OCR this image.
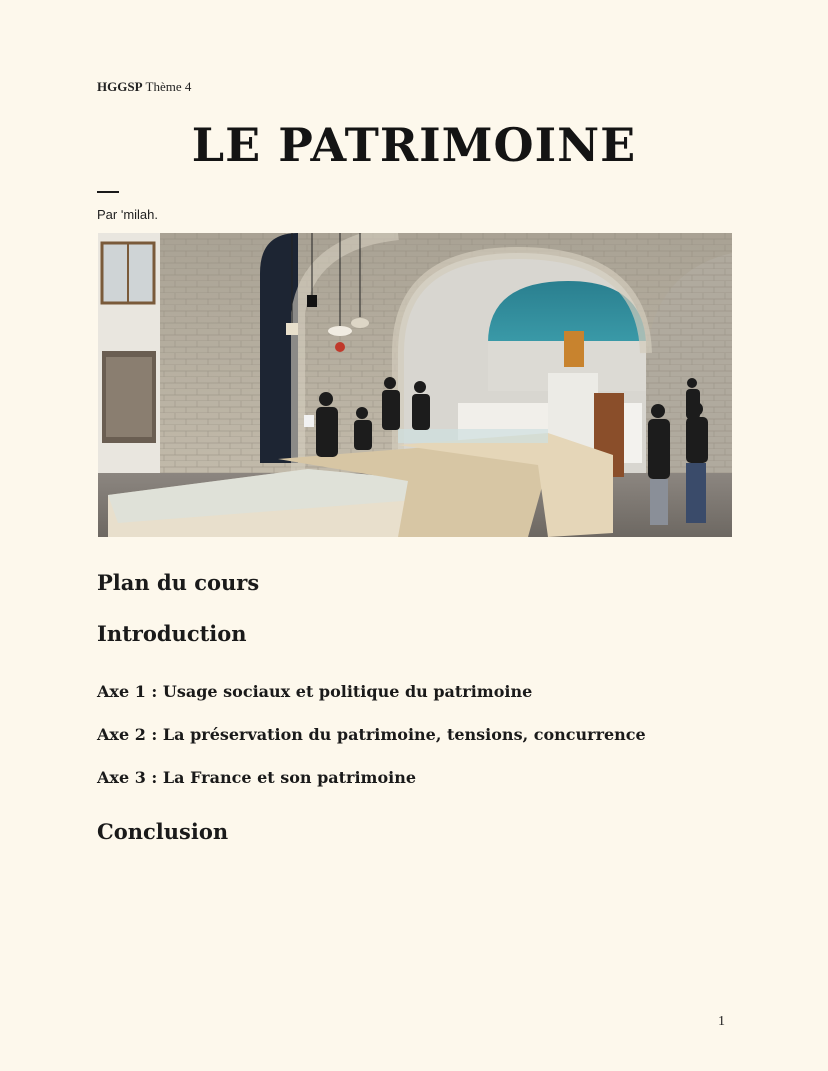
HGGSP Thème 4
LE PATRIMOINE
Par ʹmilah.
Plan du cours
Introduction

Axe 1 : Usage sociaux et politique du patrimoine

Axe 2 : La préservation du patrimoine, tensions, concurrence

Axe 3 : La France et son patrimoine

Conclusion
1
